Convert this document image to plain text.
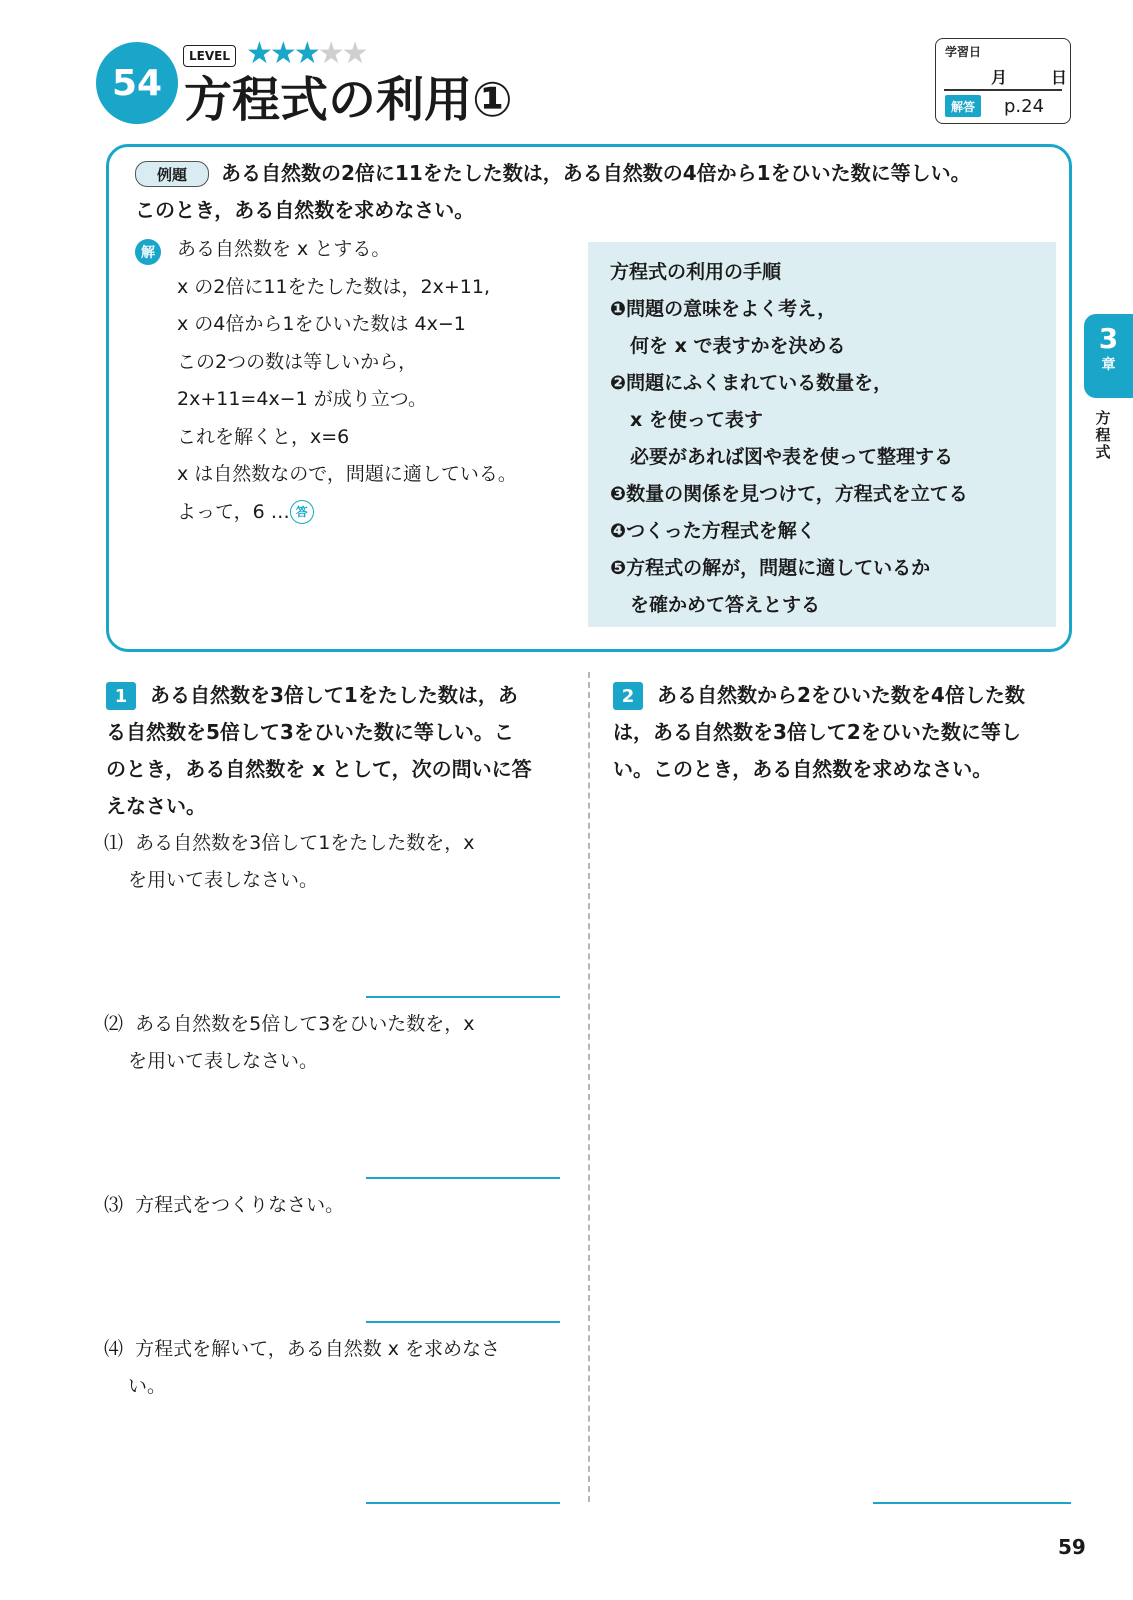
54
LEVEL ★★★★★
方程式の利用①
学習日
月	日
解答	p.24
3
章
方程式
例題	ある自然数の2倍に11をたした数は，ある自然数の4倍から1をひいた数に等しい。
このとき，ある自然数を求めなさい。
解	ある自然数を x とする。
x の2倍に11をたした数は，2x+11,
x の4倍から1をひいた数は 4x−1
この2つの数は等しいから，
2x+11=4x−1 が成り立つ。
これを解くと，x=6
x は自然数なので，問題に適している。
よって，6 … 答
方程式の利用の手順
❶問題の意味をよく考え，
何を x で表すかを決める
❷問題にふくまれている数量を，
x を使って表す
必要があれば図や表を使って整理する
❸数量の関係を見つけて，方程式を立てる
❹つくった方程式を解く
❺方程式の解が，問題に適しているか
を確かめて答えとする
1	ある自然数を3倍して1をたした数は，あ
る自然数を5倍して3をひいた数に等しい。こ
のとき，ある自然数を x として，次の問いに答
えなさい。
⑴ ある自然数を3倍して1をたした数を，x
を用いて表しなさい。
⑵ ある自然数を5倍して3をひいた数を，x
を用いて表しなさい。
⑶ 方程式をつくりなさい。
⑷ 方程式を解いて，ある自然数 x を求めなさ
い。
2	ある自然数から2をひいた数を4倍した数
は，ある自然数を3倍して2をひいた数に等し
い。このとき，ある自然数を求めなさい。
59
